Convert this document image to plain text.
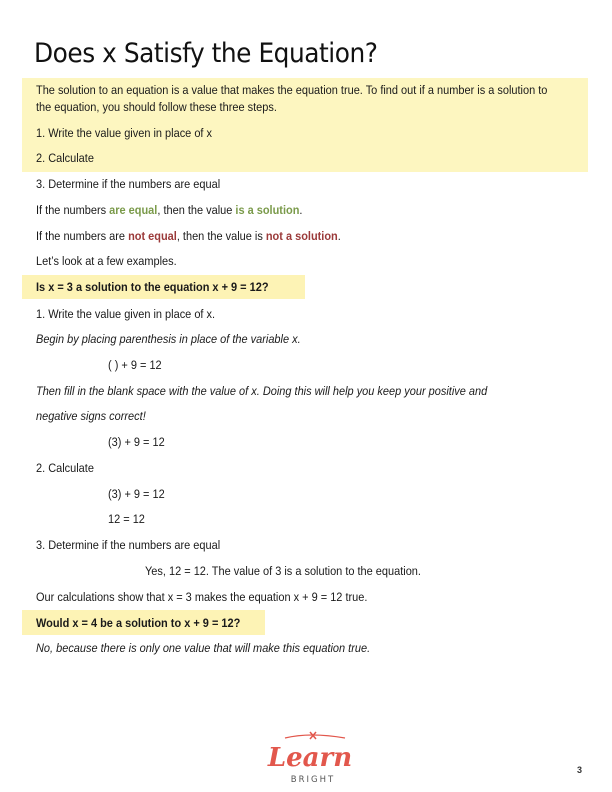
Does x Satisfy the Equation?
The solution to an equation is a value that makes the equation true. To find out if a number is a solution to
the equation, you should follow these three steps.
1. Write the value given in place of x
2. Calculate
3. Determine if the numbers are equal
If the numbers are equal, then the value is a solution.
If the numbers are not equal, then the value is not a solution.
Let’s look at a few examples.
Is x = 3 a solution to the equation x + 9 = 12?
1. Write the value given in place of x.
Begin by placing parenthesis in place of the variable x.
( ) + 9 = 12
Then fill in the blank space with the value of x. Doing this will help you keep your positive and
negative signs correct!
(3) + 9 = 12
2. Calculate
(3) + 9 = 12
12 = 12
3. Determine if the numbers are equal
Yes, 12 = 12. The value of 3 is a solution to the equation.
Our calculations show that x = 3 makes the equation x + 9 = 12 true.
Would x = 4 be a solution to x + 9 = 12?
No, because there is only one value that will make this equation true.
Learn
BRIGHT
3
